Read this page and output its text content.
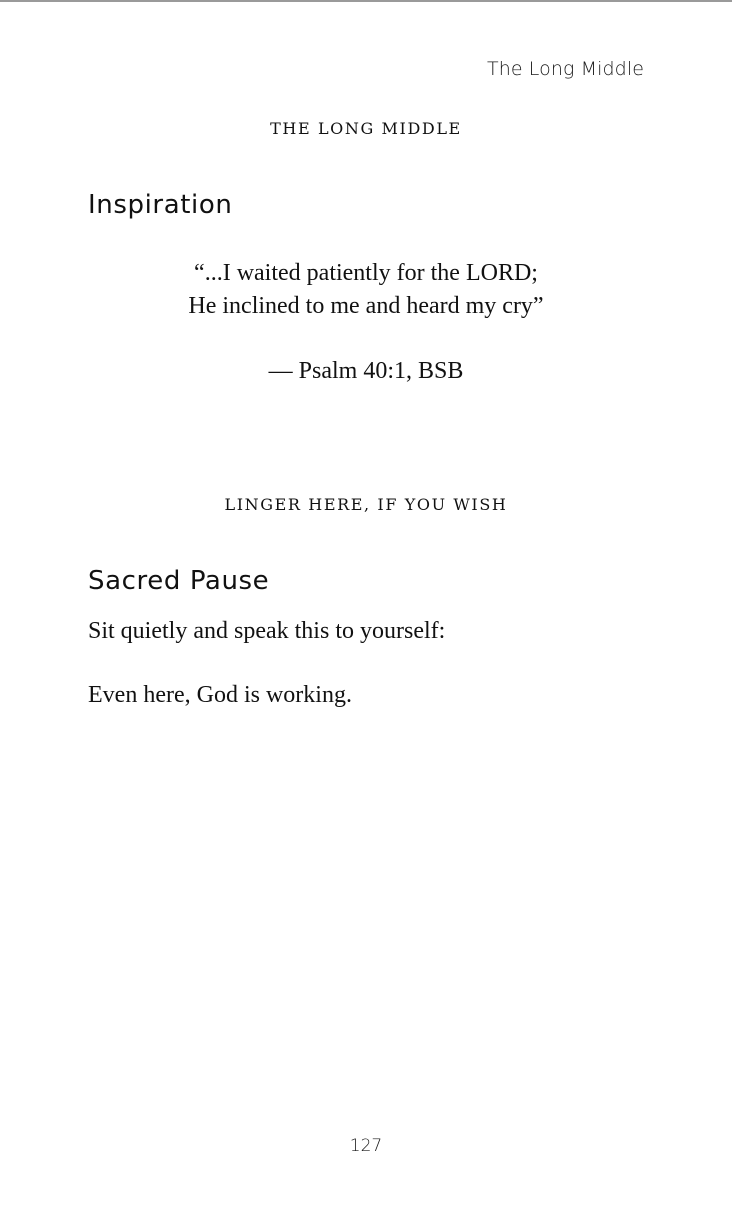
The Long Middle
THE LONG MIDDLE
Inspiration
“...I waited patiently for the LORD;
He inclined to me and heard my cry”
— Psalm 40:1, BSB
LINGER HERE, IF YOU WISH
Sacred Pause
Sit quietly and speak this to yourself:
Even here, God is working.
127
